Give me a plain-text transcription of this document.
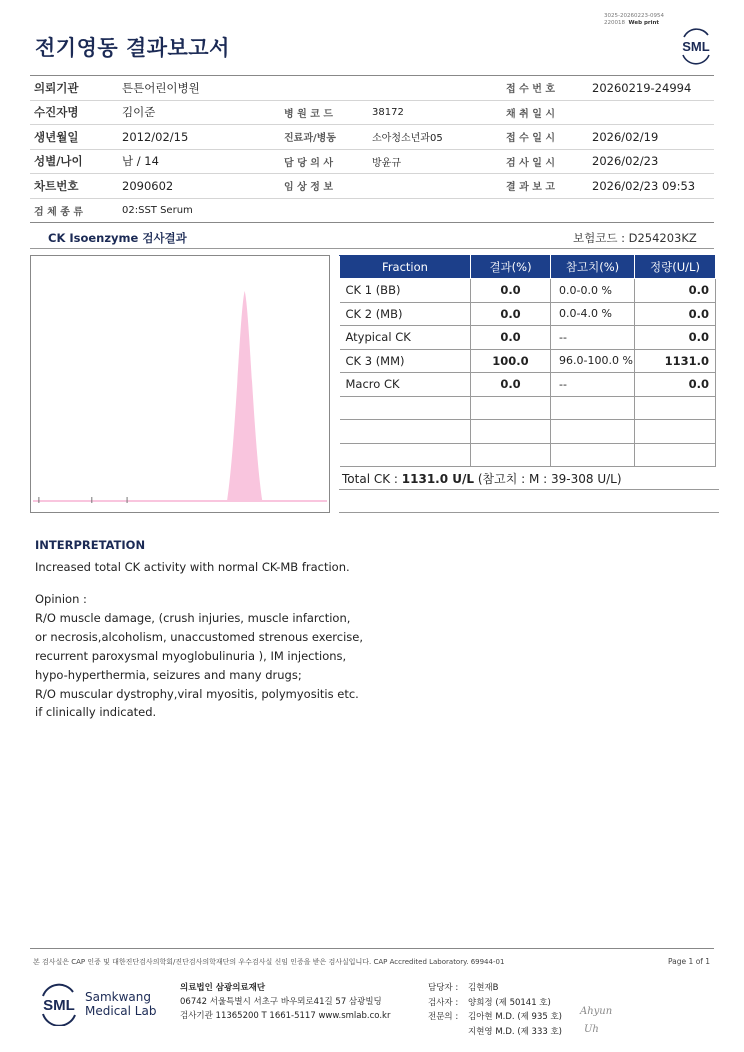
전기영동 결과보고서
3025-20260223-0954
220018 Web print
SML
의뢰기관	튼튼어린이병원			접 수 번 호	20260219-24994
수진자명	김이준	병 원 코 드	38172	채 취 일 시	
생년월일	2012/02/15	진료과/병동	소아청소년과05	접 수 일 시	2026/02/19
성별/나이	남 / 14	담 당 의 사	방윤규	검 사 일 시	2026/02/23
차트번호	2090602	임 상 정 보		결 과 보 고	2026/02/23 09:53
검 체 종 류	02:SST Serum				
CK Isoenzyme 검사결과	보험코드 : D254203KZ
Fraction	결과(%)	참고치(%)	정량(U/L)
CK 1 (BB)	0.0	0.0-0.0 %	0.0
CK 2 (MB)	0.0	0.0-4.0 %	0.0
Atypical CK	0.0	--	0.0
CK 3 (MM)	100.0	96.0-100.0 %	1131.0
Macro CK	0.0	--	0.0

Total CK : 1131.0 U/L (참고치 : M : 39-308 U/L)
INTERPRETATION
Increased total CK activity with normal CK-MB fraction.
Opinion :
R/O muscle damage, (crush injuries, muscle infarction,
or necrosis,alcoholism, unaccustomed strenous exercise,
recurrent paroxysmal myoglobulinuria ), IM injections,
hypo-hyperthermia, seizures and many drugs;
R/O muscular dystrophy,viral myositis, polymyositis etc.
if clinically indicated.
본 검사실은 CAP 인증 및 대한진단검사의학회/진단검사의학재단의 우수검사실 신임 인증을 받은 검사실입니다. CAP Accredited Laboratory. 69944-01	Page 1 of 1
SML Samkwang
Medical Lab
의료법인 삼광의료재단
06742 서울특별시 서초구 바우뫼로41길 57 삼광빌딩
검사기관 11365200 T 1661-5117 www.smlab.co.kr
담당자 :	김현재B
검사자 :	양희정 (제 50141 호)
전문의 :	김아현 M.D. (제 935 호)
지현영 M.D. (제 333 호)
Ahyun
Uh
